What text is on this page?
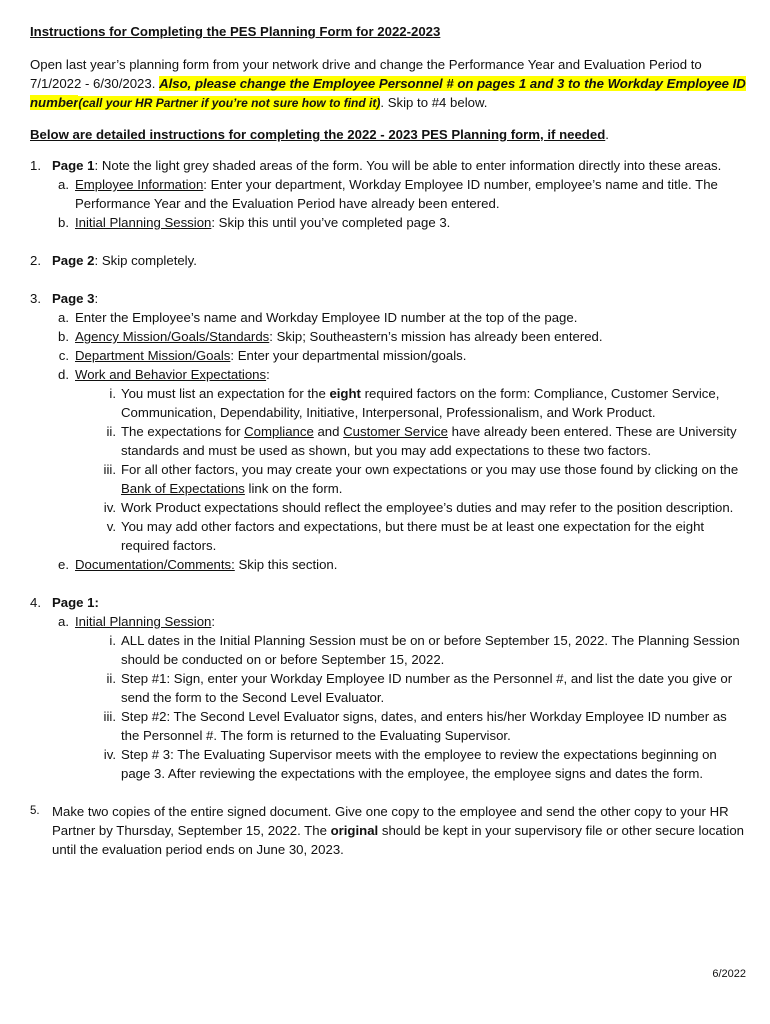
Instructions for Completing the PES Planning Form for 2022-2023

Open last year’s planning form from your network drive and change the Performance Year and Evaluation Period to 7/1/2022 - 6/30/2023. Also, please change the Employee Personnel # on pages 1 and 3 to the Workday Employee ID number(call your HR Partner if you’re not sure how to find it). Skip to #4 below.

Below are detailed instructions for completing the 2022 - 2023 PES Planning form, if needed.

1. Page 1: Note the light grey shaded areas of the form. You will be able to enter information directly into these areas.
a. Employee Information: Enter your department, Workday Employee ID number, employee’s name and title. The Performance Year and the Evaluation Period have already been entered.
b. Initial Planning Session: Skip this until you’ve completed page 3.
2. Page 2: Skip completely.
3. Page 3:
a. Enter the Employee’s name and Workday Employee ID number at the top of the page.
b. Agency Mission/Goals/Standards: Skip; Southeastern’s mission has already been entered.
c. Department Mission/Goals: Enter your departmental mission/goals.
d. Work and Behavior Expectations:
i. You must list an expectation for the eight required factors on the form: Compliance, Customer Service, Communication, Dependability, Initiative, Interpersonal, Professionalism, and Work Product.
ii. The expectations for Compliance and Customer Service have already been entered. These are University standards and must be used as shown, but you may add expectations to these two factors.
iii. For all other factors, you may create your own expectations or you may use those found by clicking on the Bank of Expectations link on the form.
iv. Work Product expectations should reflect the employee’s duties and may refer to the position description.
v. You may add other factors and expectations, but there must be at least one expectation for the eight required factors.
e. Documentation/Comments: Skip this section.
4. Page 1:
a. Initial Planning Session:
i. ALL dates in the Initial Planning Session must be on or before September 15, 2022. The Planning Session should be conducted on or before September 15, 2022.
ii. Step #1: Sign, enter your Workday Employee ID number as the Personnel #, and list the date you give or send the form to the Second Level Evaluator.
iii. Step #2: The Second Level Evaluator signs, dates, and enters his/her Workday Employee ID number as the Personnel #. The form is returned to the Evaluating Supervisor.
iv. Step # 3: The Evaluating Supervisor meets with the employee to review the expectations beginning on page 3. After reviewing the expectations with the employee, the employee signs and dates the form.
5. Make two copies of the entire signed document. Give one copy to the employee and send the other copy to your HR Partner by Thursday, September 15, 2022. The original should be kept in your supervisory file or other secure location until the evaluation period ends on June 30, 2023.
6/2022
